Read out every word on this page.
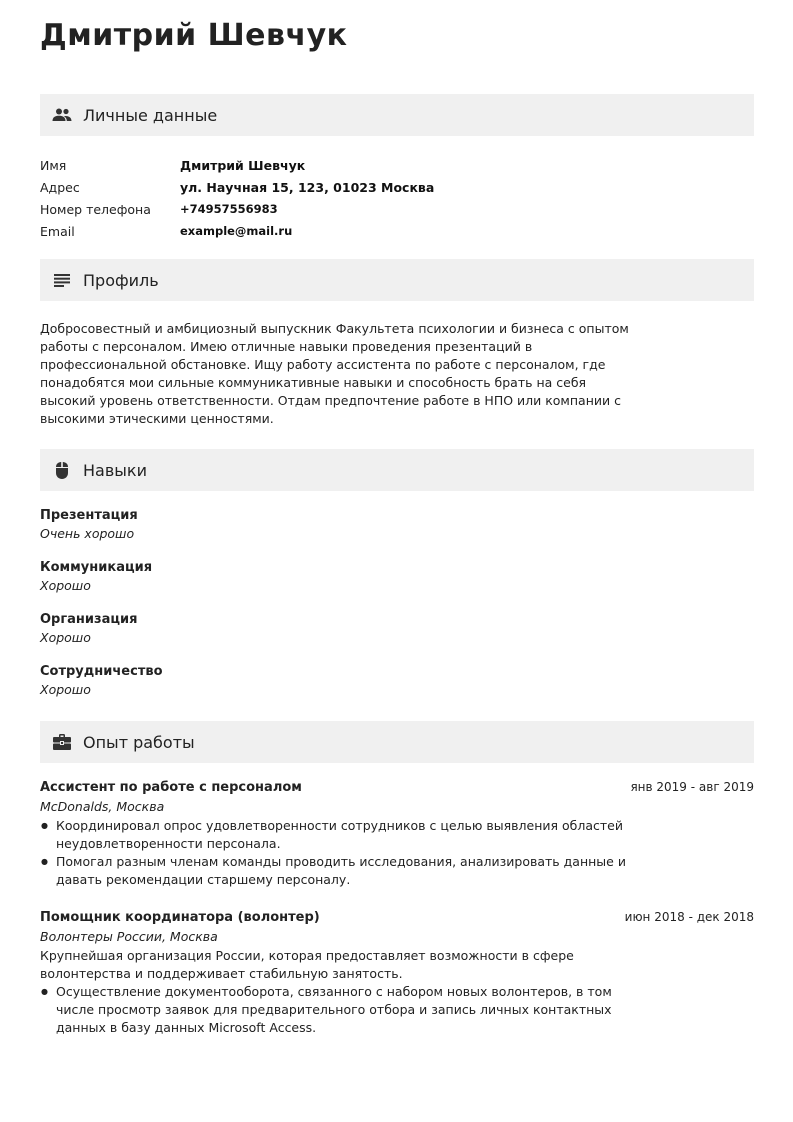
Дмитрий Шевчук
Личные данные
Имя	Дмитрий Шевчук
Адрес	ул. Научная 15, 123, 01023 Москва
Номер телефона	+74957556983
Email	example@mail.ru
Профиль

Добросовестный и амбициозный выпускник Факультета психологии и бизнеса с опытом работы с персоналом. Имею отличные навыки проведения презентаций в профессиональной обстановке. Ищу работу ассистента по работе с персоналом, где понадобятся мои сильные коммуникативные навыки и способность брать на себя высокий уровень ответственности. Отдам предпочтение работе в НПО или компании с высокими этическими ценностями.

Навыки
Презентация
Очень хорошо
Коммуникация
Хорошо
Организация
Хорошо
Сотрудничество
Хорошо
Опыт работы
Ассистент по работе с персоналом	янв 2019 - авг 2019
McDonalds, Москва
● Координировал опрос удовлетворенности сотрудников с целью выявления областей неудовлетворенности персонала.
● Помогал разным членам команды проводить исследования, анализировать данные и давать рекомендации старшему персоналу.
Помощник координатора (волонтер)	июн 2018 - дек 2018
Волонтеры России, Москва
Крупнейшая организация России, которая предоставляет возможности в сфере волонтерства и поддерживает стабильную занятость.
● Осуществление документооборота, связанного с набором новых волонтеров, в том числе просмотр заявок для предварительного отбора и запись личных контактных данных в базу данных Microsoft Access.
